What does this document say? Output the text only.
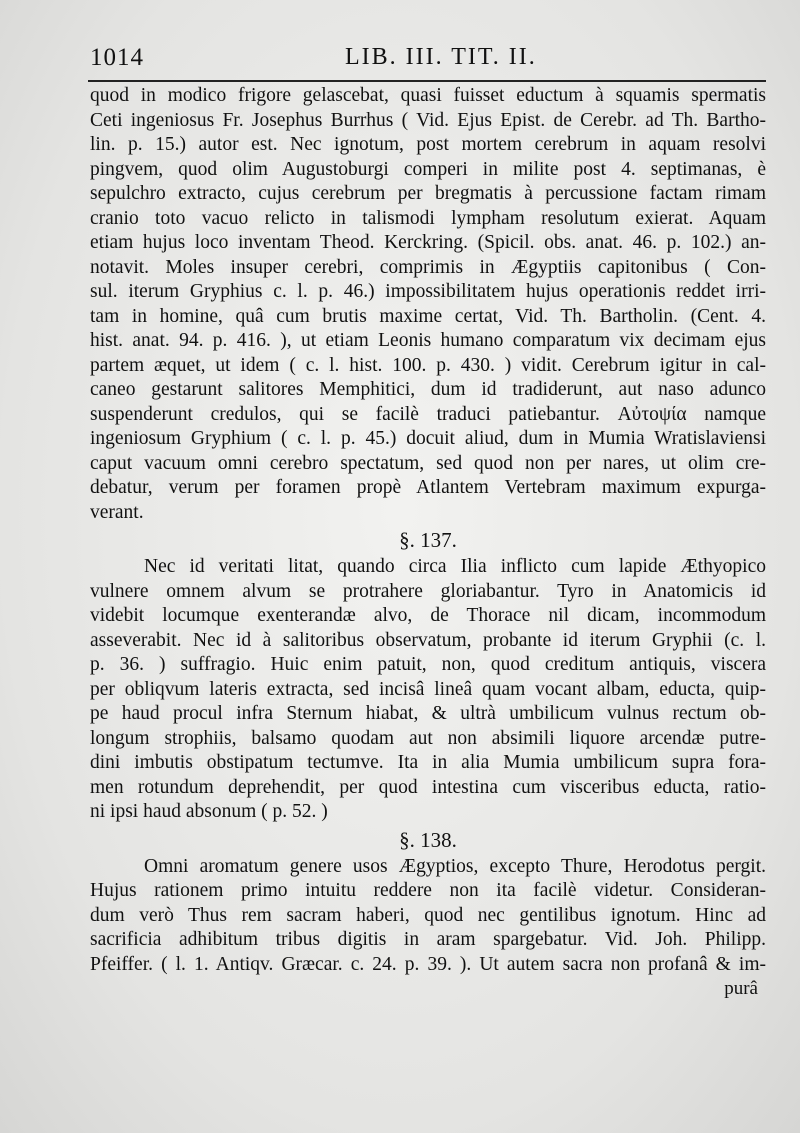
1014	LIB. III. TIT. II.
quod in modico frigore gelascebat, quasi fuisset eductum à squamis spermatis
Ceti ingeniosus Fr. Josephus Burrhus ( Vid. Ejus Epist. de Cerebr. ad Th. Bartho-
lin. p. 15.) autor est. Nec ignotum, post mortem cerebrum in aquam resolvi
pingvem, quod olim Augustoburgi comperi in milite post 4. septimanas, è
sepulchro extracto, cujus cerebrum per bregmatis à percussione factam rimam
cranio toto vacuo relicto in talismodi lympham resolutum exierat. Aquam
etiam hujus loco inventam Theod. Kerckring. (Spicil. obs. anat. 46. p. 102.) an-
notavit. Moles insuper cerebri, comprimis in Ægyptiis capitonibus ( Con-
sul. iterum Gryphius c. l. p. 46.) impossibilitatem hujus operationis reddet irri-
tam in homine, quâ cum brutis maxime certat, Vid. Th. Bartholin. (Cent. 4.
hist. anat. 94. p. 416. ), ut etiam Leonis humano comparatum vix decimam ejus
partem æquet, ut idem ( c. l. hist. 100. p. 430. ) vidit. Cerebrum igitur in cal-
caneo gestarunt salitores Memphitici, dum id tradiderunt, aut naso adunco
suspenderunt credulos, qui se facilè traduci patiebantur. Αὐτοψία namque
ingeniosum Gryphium ( c. l. p. 45.) docuit aliud, dum in Mumia Wratislaviensi
caput vacuum omni cerebro spectatum, sed quod non per nares, ut olim cre-
debatur, verum per foramen propè Atlantem Vertebram maximum expurga-
verant.
§. 137.
Nec id veritati litat, quando circa Ilia inflicto cum lapide Æthyopico
vulnere omnem alvum se protrahere gloriabantur. Tyro in Anatomicis id
videbit locumque exenterandæ alvo, de Thorace nil dicam, incommodum
asseverabit. Nec id à salitoribus observatum, probante id iterum Gryphii (c. l.
p. 36. ) suffragio. Huic enim patuit, non, quod creditum antiquis, viscera
per obliqvum lateris extracta, sed incisâ lineâ quam vocant albam, educta, quip-
pe haud procul infra Sternum hiabat, & ultrà umbilicum vulnus rectum ob-
longum strophiis, balsamo quodam aut non absimili liquore arcendæ putre-
dini imbutis obstipatum tectumve. Ita in alia Mumia umbilicum supra fora-
men rotundum deprehendit, per quod intestina cum visceribus educta, ratio-
ni ipsi haud absonum ( p. 52. )
§. 138.
Omni aromatum genere usos Ægyptios, excepto Thure, Herodotus pergit.
Hujus rationem primo intuitu reddere non ita facilè videtur. Consideran-
dum verò Thus rem sacram haberi, quod nec gentilibus ignotum. Hinc ad
sacrificia adhibitum tribus digitis in aram spargebatur. Vid. Joh. Philipp.
Pfeiffer. ( l. 1. Antiqv. Græcar. c. 24. p. 39. ). Ut autem sacra non profanâ & im-
purâ
